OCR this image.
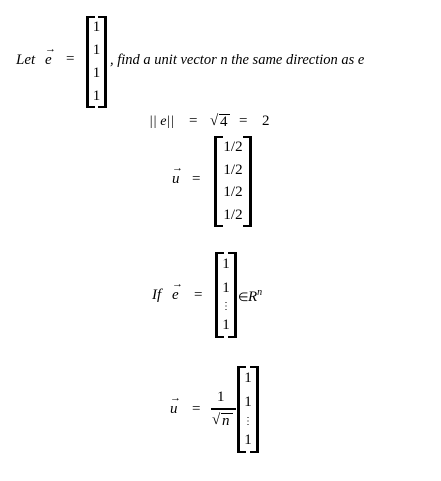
Let
→
e =
1
1
1
1
, find a unit vector n the same direction as e
|| e|| = √ 4 = 2
→
u =
1/2
1/2
1/2
1/2
If
→
e =
1
1
⋮
1
∈ $R^n$
→
u =
1
√ n
1
1
⋮
1
